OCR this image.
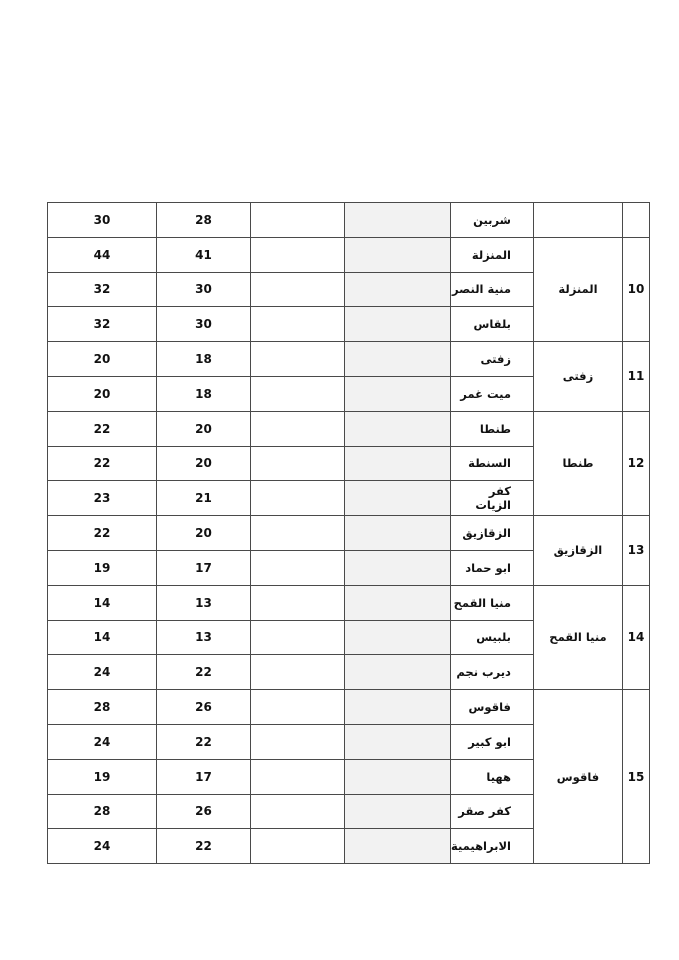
30	28			شربين		
44	41			المنزلة	المنزلة	10
32	30			منية النصر		
32	30			بلقاس		
20	18			زفتى	زفتى	11
20	18			ميت غمر		
22	20			طنطا	طنطا	12
22	20			السنطة		
23	21			كفر الزيات		
22	20			الزقازيق	الزقازيق	13
19	17			ابو حماد		
14	13			منيا القمح	منيا القمح	14
14	13			بلبيس		
24	22			ديرب نجم		
28	26			فاقوس	فاقوس	15
24	22			ابو كبير		
19	17			ههيا		
28	26			كفر صقر		
24	22			الابراهيمية		
